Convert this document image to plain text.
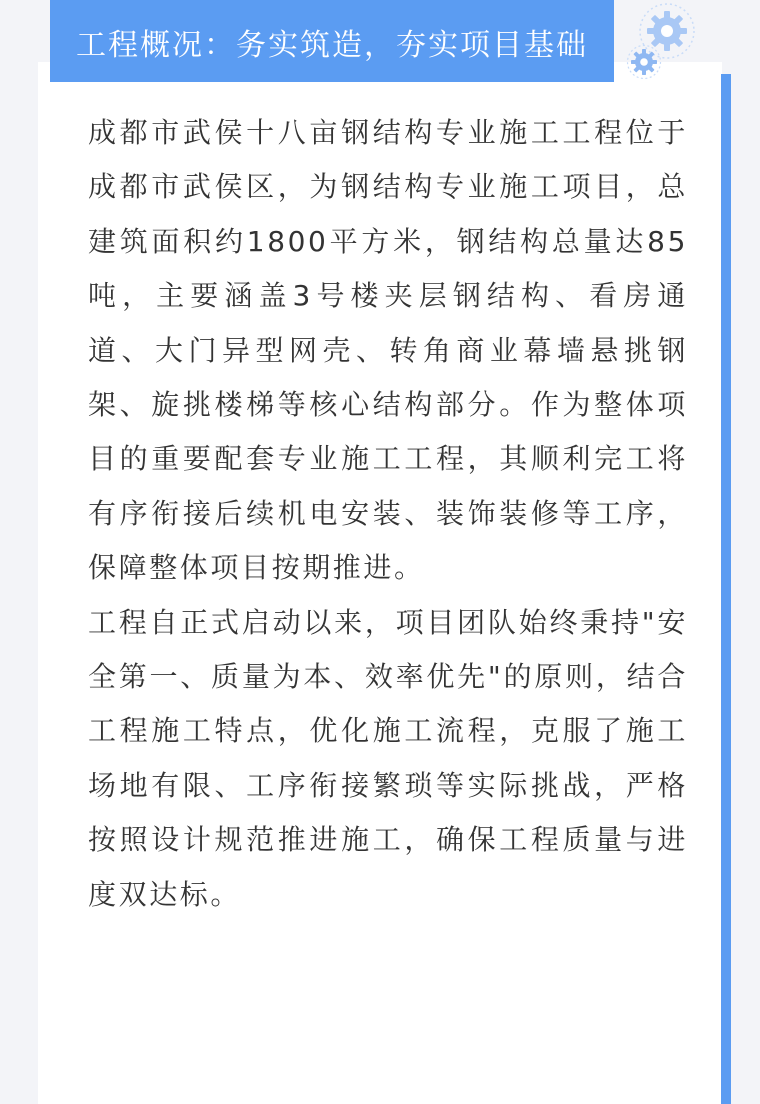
工程概况：务实筑造，夯实项目基础

成都市武侯十八亩钢结构专业施工工程位于成都市武侯区，为钢结构专业施工项目，总建筑面积约1800平方米，钢结构总量达85吨，主要涵盖3号楼夹层钢结构、看房通道、大门异型网壳、转角商业幕墙悬挑钢架、旋挑楼梯等核心结构部分。作为整体项目的重要配套专业施工工程，其顺利完工将有序衔接后续机电安装、装饰装修等工序，保障整体项目按期推进。

工程自正式启动以来，项目团队始终秉持"安全第一、质量为本、效率优先"的原则，结合工程施工特点，优化施工流程，克服了施工场地有限、工序衔接繁琐等实际挑战，严格按照设计规范推进施工，确保工程质量与进度双达标。
